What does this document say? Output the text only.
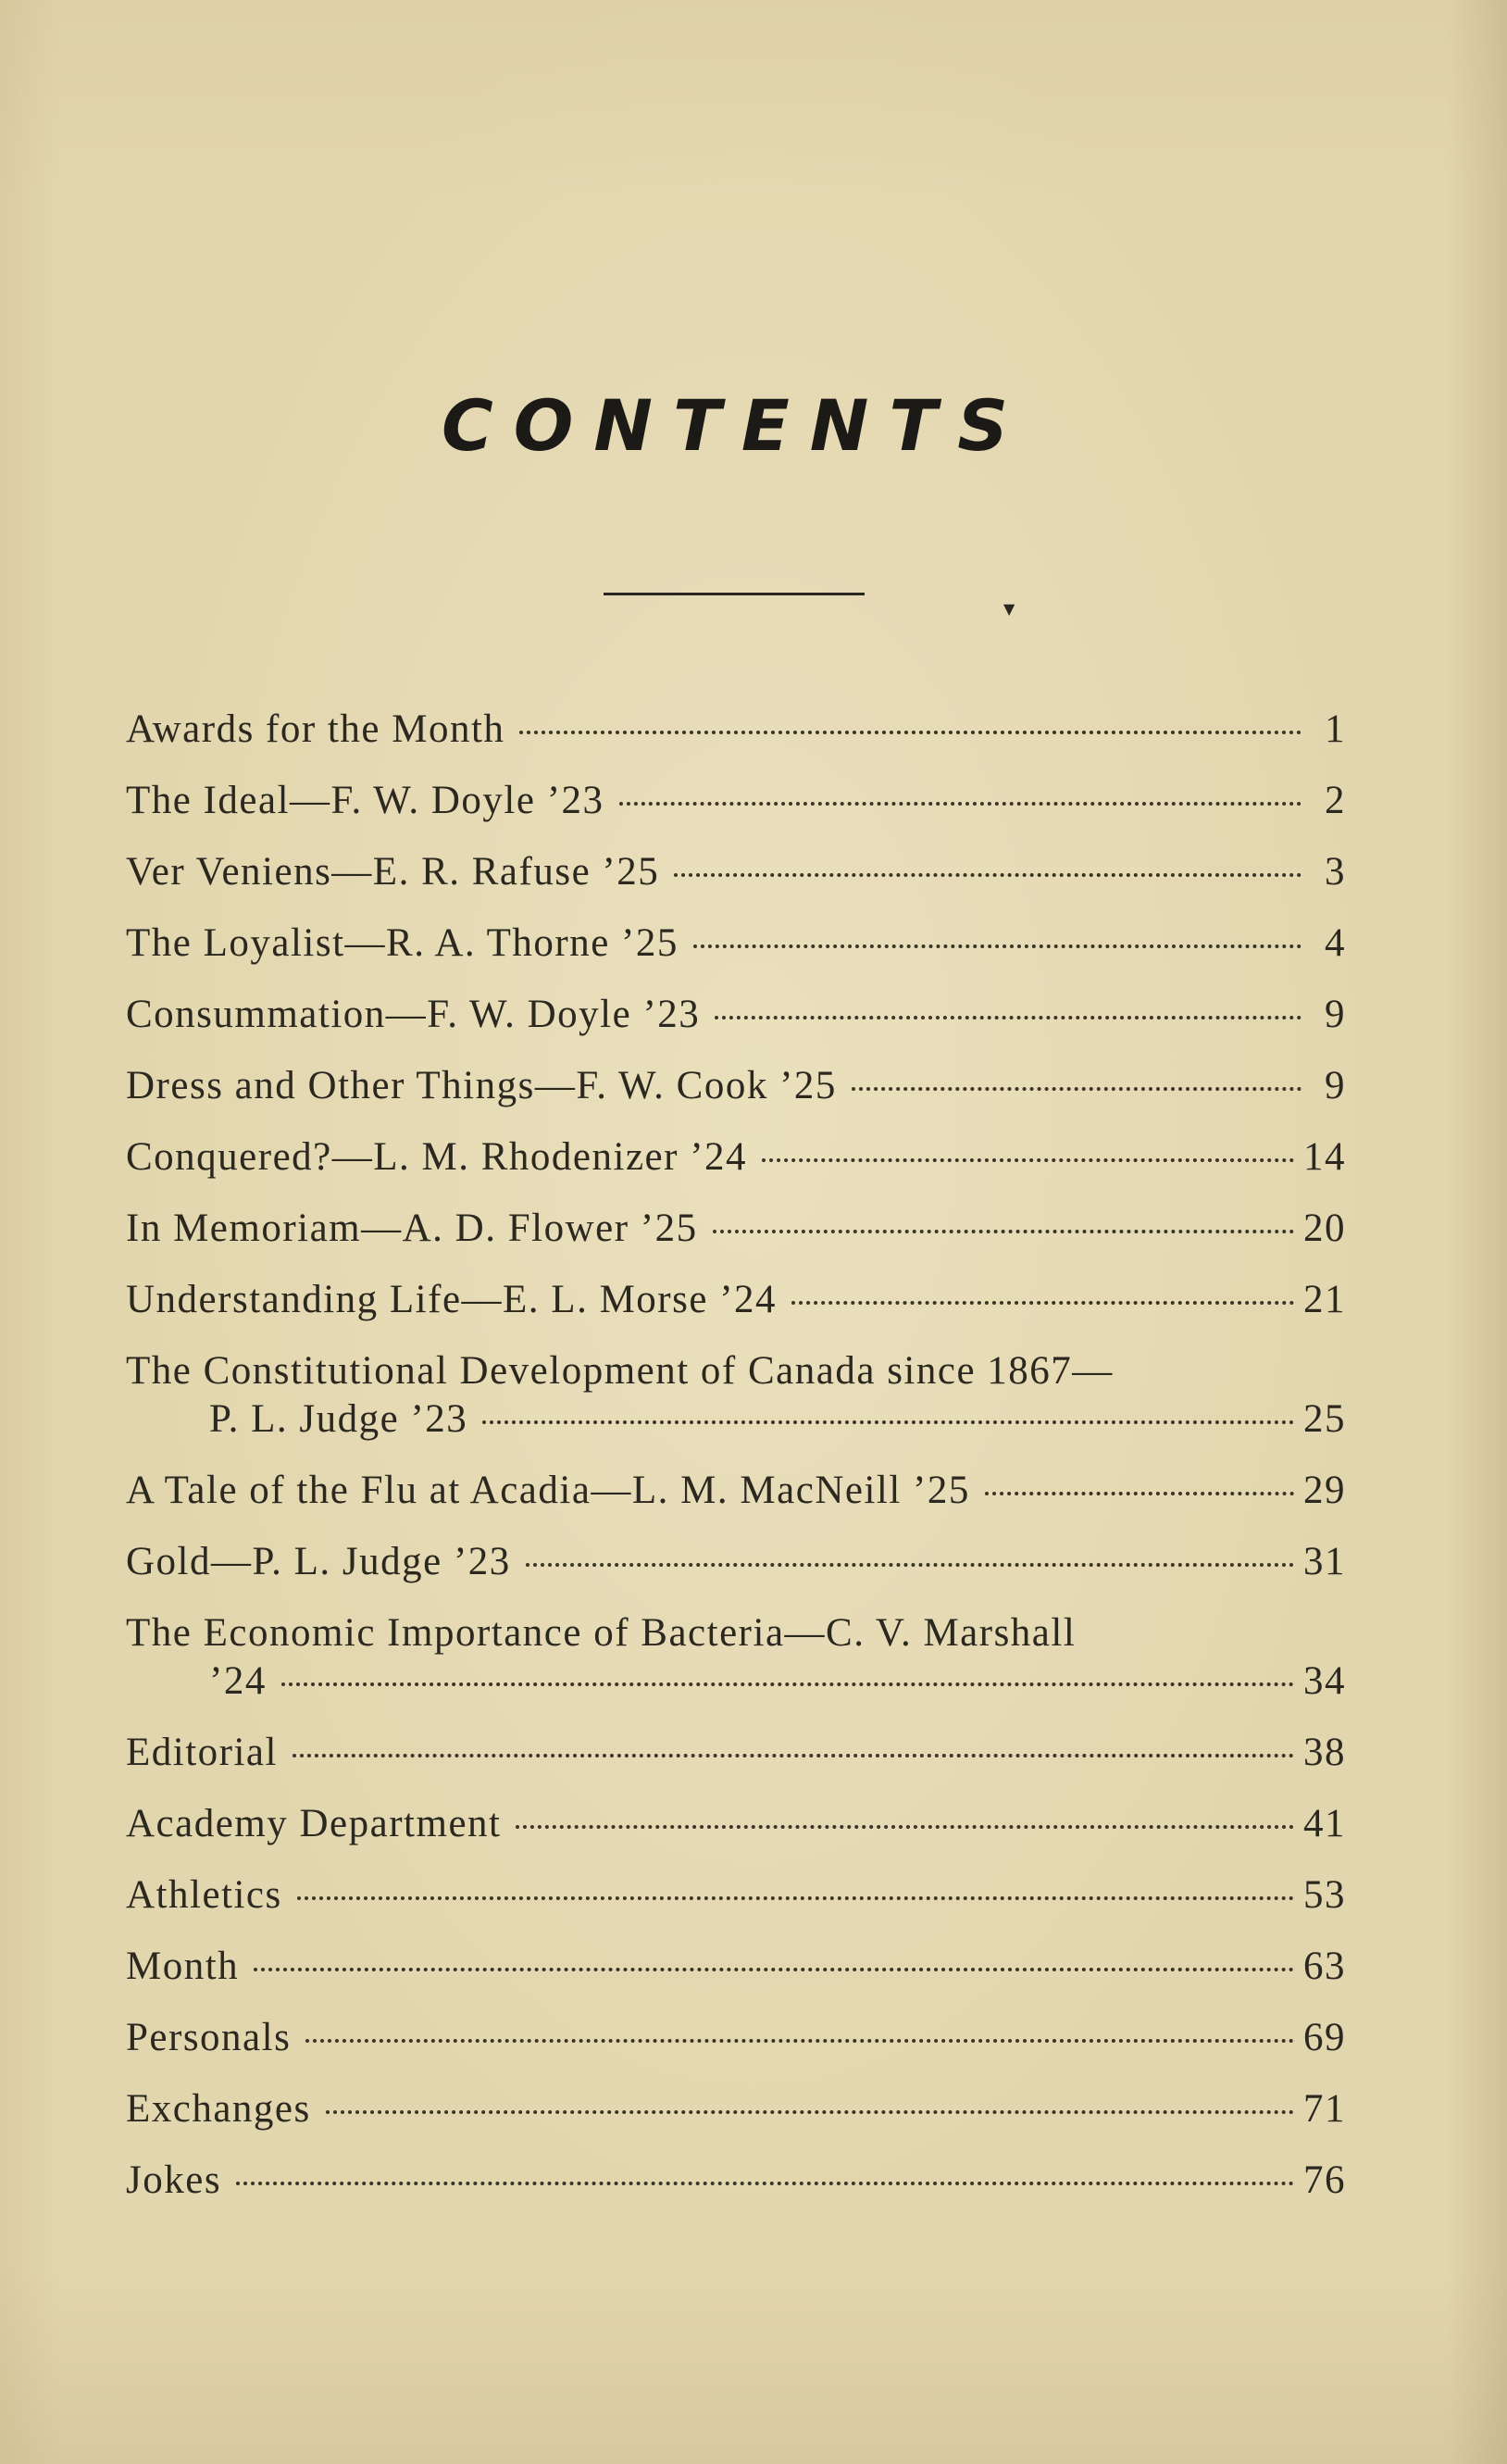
CONTENTS
▼
Awards for the Month	1
The Ideal—F. W. Doyle ’23	2
Ver Veniens—E. R. Rafuse ’25	3
The Loyalist—R. A. Thorne ’25	4
Consummation—F. W. Doyle ’23	9
Dress and Other Things—F. W. Cook ’25	9
Conquered?—L. M. Rhodenizer ’24	14
In Memoriam—A. D. Flower ’25	20
Understanding Life—E. L. Morse ’24	21
The Constitutional Development of Canada since 1867—
P. L. Judge ’23	25
A Tale of the Flu at Acadia—L. M. MacNeill ’25	29
Gold—P. L. Judge ’23	31
The Economic Importance of Bacteria—C. V. Marshall
’24	34
Editorial	38
Academy Department	41
Athletics	53
Month	63
Personals	69
Exchanges	71
Jokes	76
